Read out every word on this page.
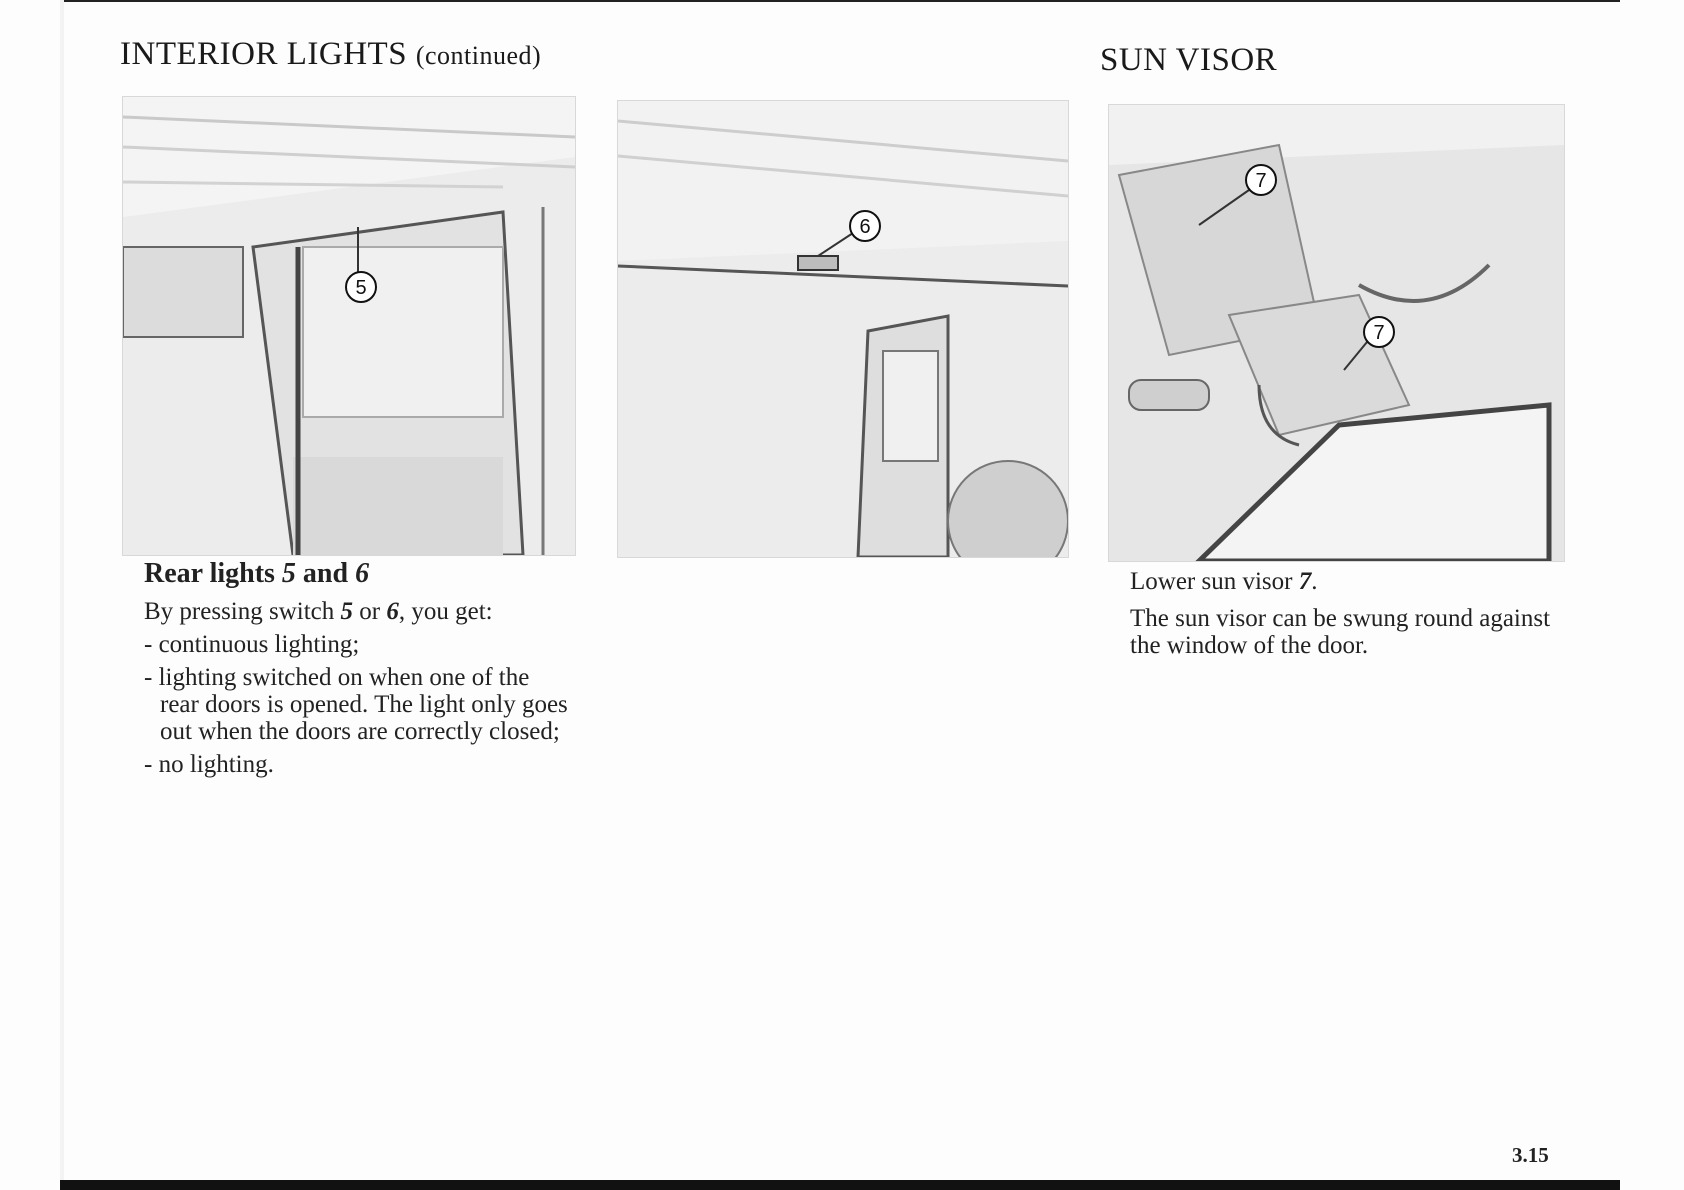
INTERIOR LIGHTS (continued)	SUN VISOR
5
6
7
7
Rear lights 5 and 6

By pressing switch 5 or 6, you get:

- continuous lighting;

- lighting switched on when one of the rear doors is opened. The light only goes out when the doors are correctly closed;

- no lighting.

Lower sun visor 7.

The sun visor can be swung round against the window of the door.

3.15
